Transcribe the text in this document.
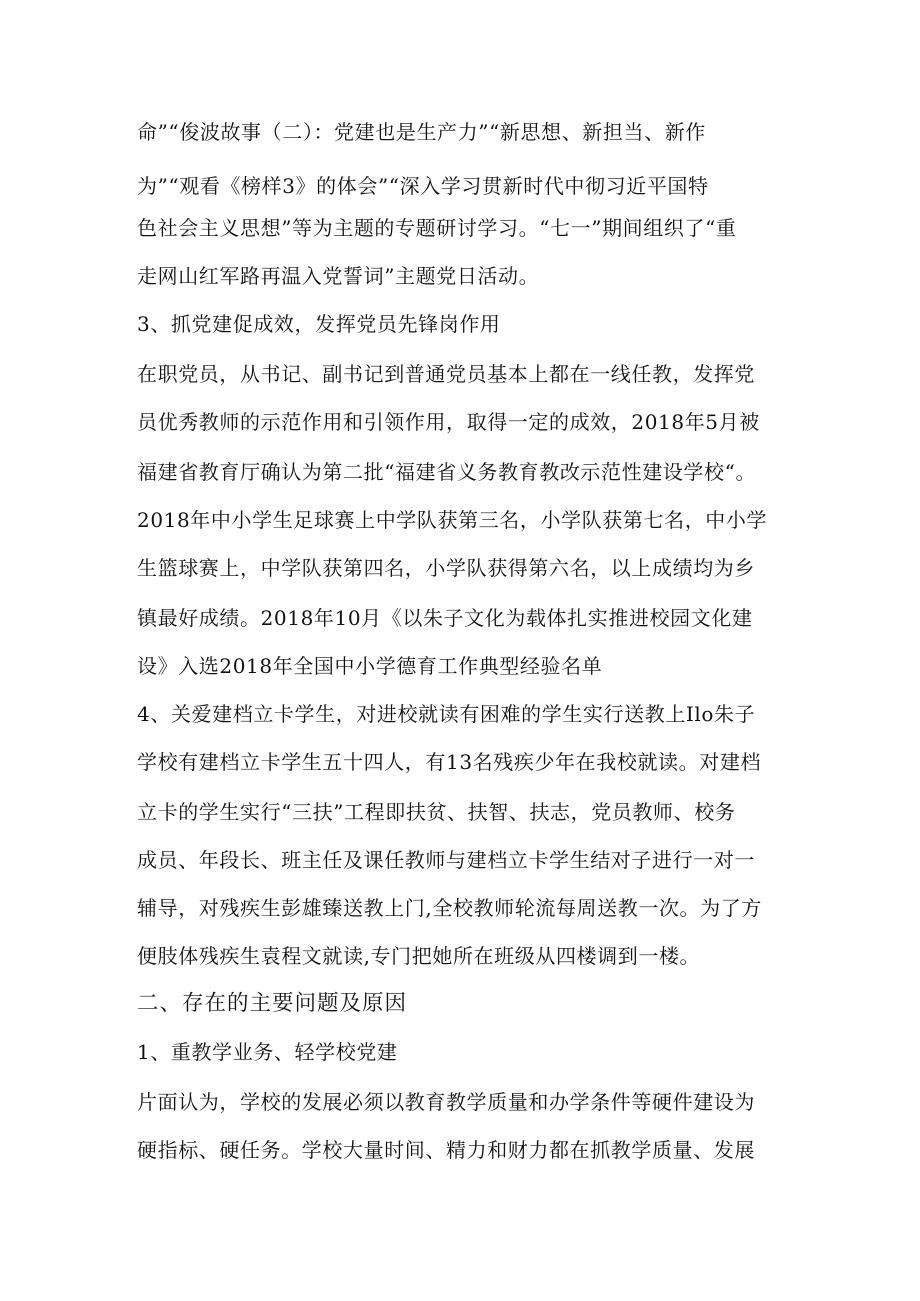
命”“俊波故事（二）：党建也是生产力”“新思想、新担当、新作
为”“观看《榜样3》的体会”“深入学习贯新时代中彻习近平国特
色社会主义思想”等为主题的专题研讨学习。“七一”期间组织了“重
走网山红军路再温入党誓词”主题党日活动。
3、抓党建促成效，发挥党员先锋岗作用
在职党员，从书记、副书记到普通党员基本上都在一线任教，发挥党
员优秀教师的示范作用和引领作用，取得一定的成效，2018年5月被
福建省教育厅确认为第二批“福建省义务教育教改示范性建设学校“。
2018年中小学生足球赛上中学队获第三名，小学队获第七名，中小学
生篮球赛上，中学队获第四名，小学队获得第六名，以上成绩均为乡
镇最好成绩。2018年10月《以朱子文化为载体扎实推进校园文化建
设》入选2018年全国中小学德育工作典型经验名单
4、关爱建档立卡学生，对进校就读有困难的学生实行送教上Ilo朱子
学校有建档立卡学生五十四人，有13名残疾少年在我校就读。对建档
立卡的学生实行“三扶”工程即扶贫、扶智、扶志，党员教师、校务
成员、年段长、班主任及课任教师与建档立卡学生结对子进行一对一
辅导，对残疾生彭雄臻送教上门,全校教师轮流每周送教一次。为了方
便肢体残疾生袁程文就读,专门把她所在班级从四楼调到一楼。
二、存在的主要问题及原因
1、重教学业务、轻学校党建
片面认为，学校的发展必须以教育教学质量和办学条件等硬件建设为
硬指标、硬任务。学校大量时间、精力和财力都在抓教学质量、发展
